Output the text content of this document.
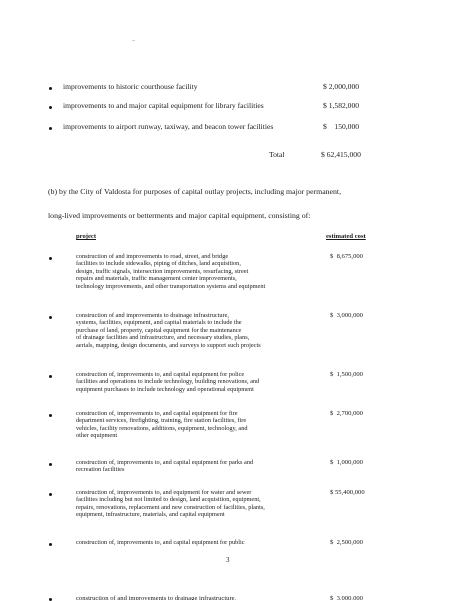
improvements to historic courthouse facility	$ 2,000,000
improvements to and major capital equipment for library facilities	$ 1,582,000
improvements to airport runway, taxiway, and beacon tower facilities	$    150,000
Total	$ 62,415,000
(b) by the City of Valdosta for purposes of capital outlay projects, including major permanent,
long-lived improvements or betterments and major capital equipment, consisting of:
project	estimated cost
construction of and improvements to road, street, and bridge
facilities to include sidewalks, piping of ditches, land acquisition,
design, traffic signals, intersection improvements, resurfacing, street
repairs and materials, traffic management center improvements,
technology improvements, and other transportation systems and equipment
$  8,675,000
construction of and improvements to drainage infrastructure,
systems, facilities, equipment, and capital materials to include the
purchase of land, property, capital equipment for the maintenance
of drainage facilities and infrastructure, and necessary studies, plans,
aerials, mapping, design documents, and surveys to support such projects
$  3,000,000
construction of, improvements to, and capital equipment for police
facilities and operations to include technology, building renovations, and
equipment purchases to include technology and operational equipment
$  1,500,000
construction of, improvements to, and capital equipment for fire
department services, firefighting, training, fire station facilities, fire
vehicles, facility renovations, additions, equipment, technology, and
other equipment
$  2,700,000
construction of, improvements to, and capital equipment for parks and
recreation facilities
$  1,000,000
construction of, improvements to, and equipment for water and sewer
facilities including but not limited to design, land acquisition, equipment,
repairs, renovations, replacement and new construction of facilities, plants,
equipment, infrastructure, materials, and capital equipment
$ 55,400,000
construction of, improvements to, and capital equipment for public	$  2,500,000
3
construction of and improvements to drainage infrastructure,	$  3,000,000
